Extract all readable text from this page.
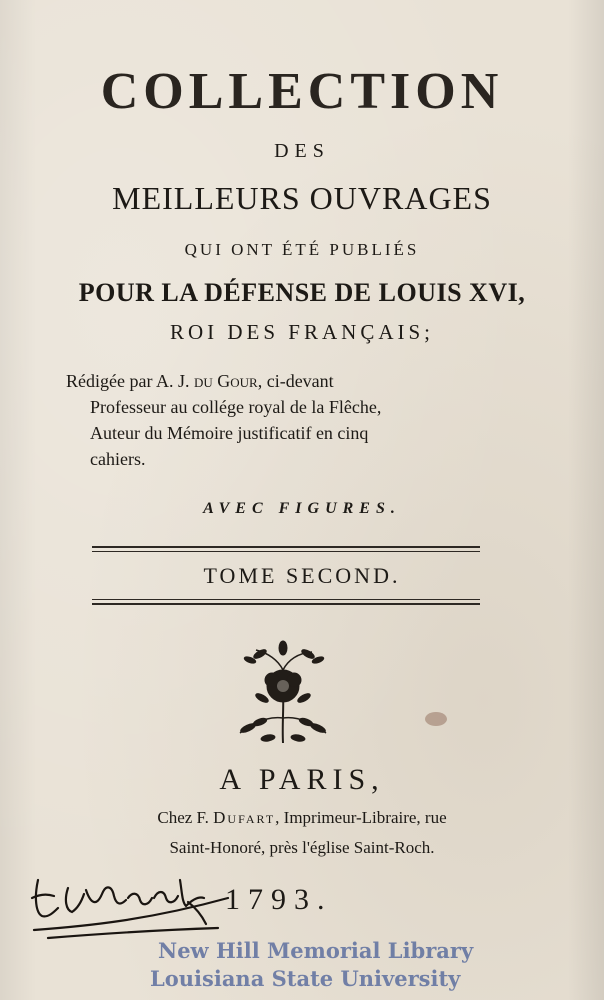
COLLECTION
DES
MEILLEURS OUVRAGES
QUI ONT ÉTÉ PUBLIÉS
POUR LA DÉFENSE DE LOUIS XVI,
ROI DES FRANÇAIS;
Rédigée par A. J. du Gour, ci-devant
Professeur au collége royal de la Flêche,
Auteur du Mémoire justificatif en cinq
cahiers.
AVEC FIGURES.
TOME SECOND.
A PARIS,
Chez F. Dufart, Imprimeur-Libraire, rue
Saint-Honoré, près l'église Saint-Roch.
1793.
New Hill Memorial Library
Louisiana State University
